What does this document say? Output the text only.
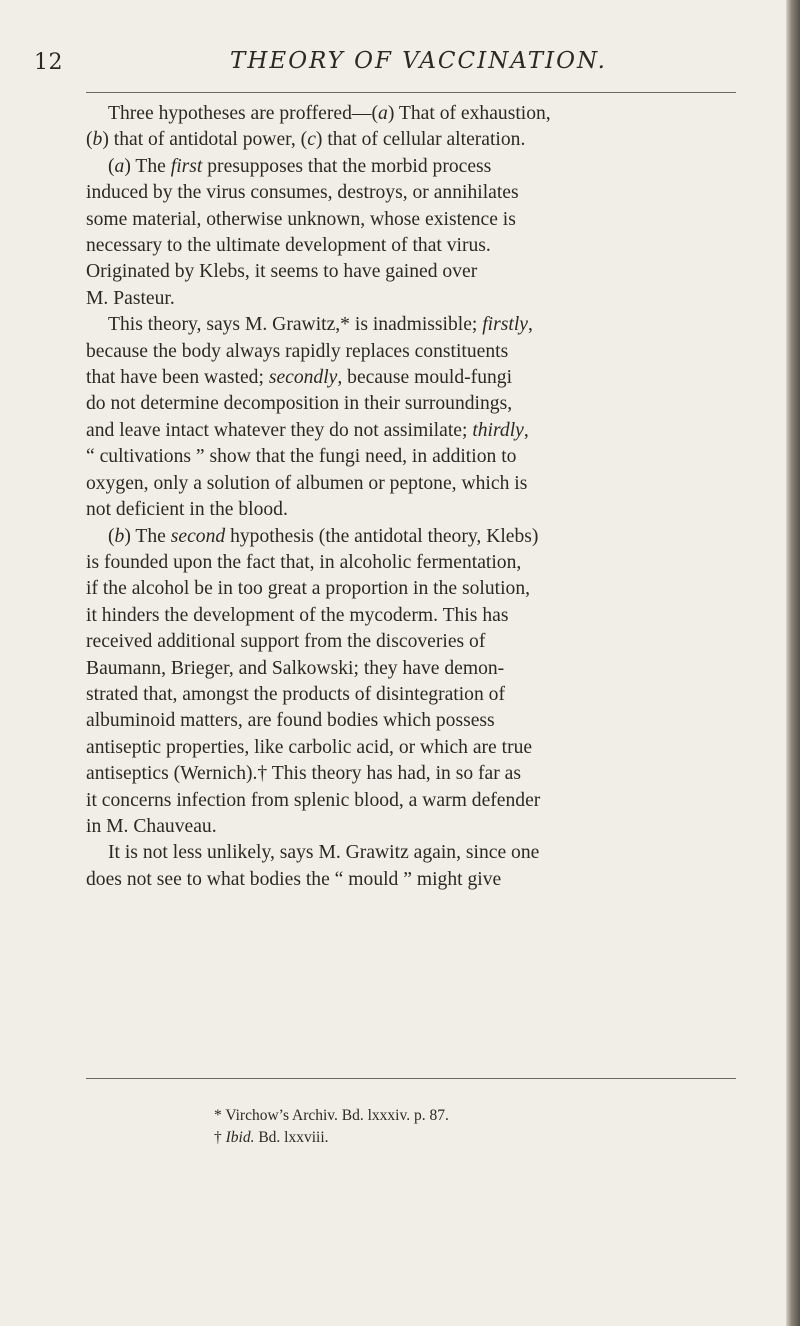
12	THEORY OF VACCINATION.

Three hypotheses are proffered—(a) That of exhaustion,
(b) that of antidotal power, (c) that of cellular alteration.

(a) The first presupposes that the morbid process
induced by the virus consumes, destroys, or annihilates
some material, otherwise unknown, whose existence is
necessary to the ultimate development of that virus.
Originated by Klebs, it seems to have gained over
M. Pasteur.

This theory, says M. Grawitz,* is inadmissible; firstly,
because the body always rapidly replaces constituents
that have been wasted; secondly, because mould-fungi
do not determine decomposition in their surroundings,
and leave intact whatever they do not assimilate; thirdly,
“ cultivations ” show that the fungi need, in addition to
oxygen, only a solution of albumen or peptone, which is
not deficient in the blood.

(b) The second hypothesis (the antidotal theory, Klebs)
is founded upon the fact that, in alcoholic fermentation,
if the alcohol be in too great a proportion in the solution,
it hinders the development of the mycoderm. This has
received additional support from the discoveries of
Baumann, Brieger, and Salkowski; they have demon-
strated that, amongst the products of disintegration of
albuminoid matters, are found bodies which possess
antiseptic properties, like carbolic acid, or which are true
antiseptics (Wernich).† This theory has had, in so far as
it concerns infection from splenic blood, a warm defender
in M. Chauveau.

It is not less unlikely, says M. Grawitz again, since one
does not see to what bodies the “ mould ” might give

* Virchow’s Archiv. Bd. lxxxiv. p. 87.
† Ibid. Bd. lxxviii.
